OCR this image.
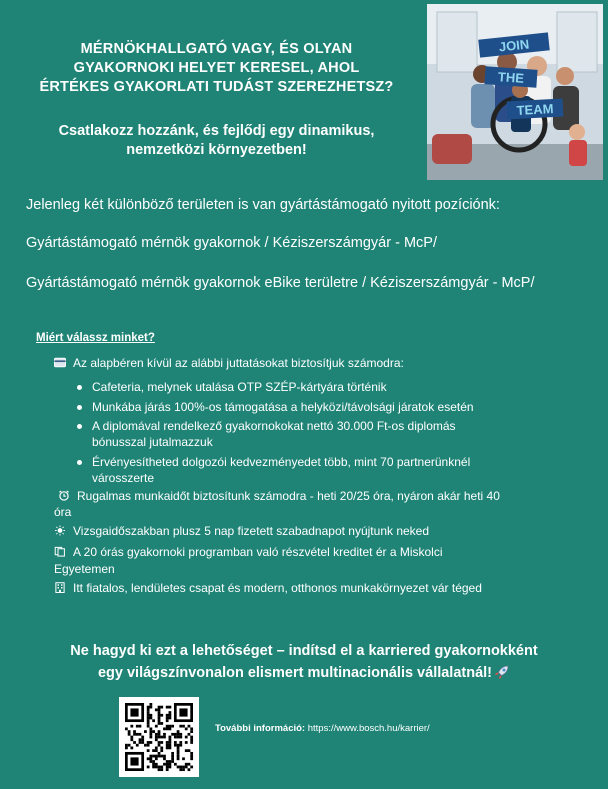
MÉRNÖKHALLGATÓ VAGY, ÉS OLYAN
GYAKORNOKI HELYET KERESEL, AHOL
ÉRTÉKES GYAKORLATI TUDÁST SZEREZHETSZ?
Csatlakozz hozzánk, és fejlődj egy dinamikus,
nemzetközi környezetben!
JOIN
THE
TEAM
Jelenleg két különböző területen is van gyártástámogató nyitott pozíciónk:
Gyártástámogató mérnök gyakornok / Kéziszerszámgyár - McP/
Gyártástámogató mérnök gyakornok eBike területre / Kéziszerszámgyár - McP/
Miért válassz minket?
Az alapbéren kívül az alábbi juttatásokat biztosítjuk számodra:
Cafeteria, melynek utalása OTP SZÉP-kártyára történik
Munkába járás 100%-os támogatása a helyközi/távolsági járatok esetén
A diplomával rendelkező gyakornokokat nettó 30.000 Ft-os diplomás
bónusszal jutalmazzuk
Érvényesítheted dolgozói kedvezményedet több, mint 70 partnerünknél
városszerte
Rugalmas munkaidőt biztosítunk számodra - heti 20/25 óra, nyáron akár heti 40
óra
Vizsgaidőszakban plusz 5 nap fizetett szabadnapot nyújtunk neked
A 20 órás gyakornoki programban való részvétel kreditet ér a Miskolci
Egyetemen
Itt fiatalos, lendületes csapat és modern, otthonos munkakörnyezet vár téged
Ne hagyd ki ezt a lehetőséget – indítsd el a karriered gyakornokként
egy világszínvonalon elismert multinacionális vállalatnál!
További információ: https://www.bosch.hu/karrier/
